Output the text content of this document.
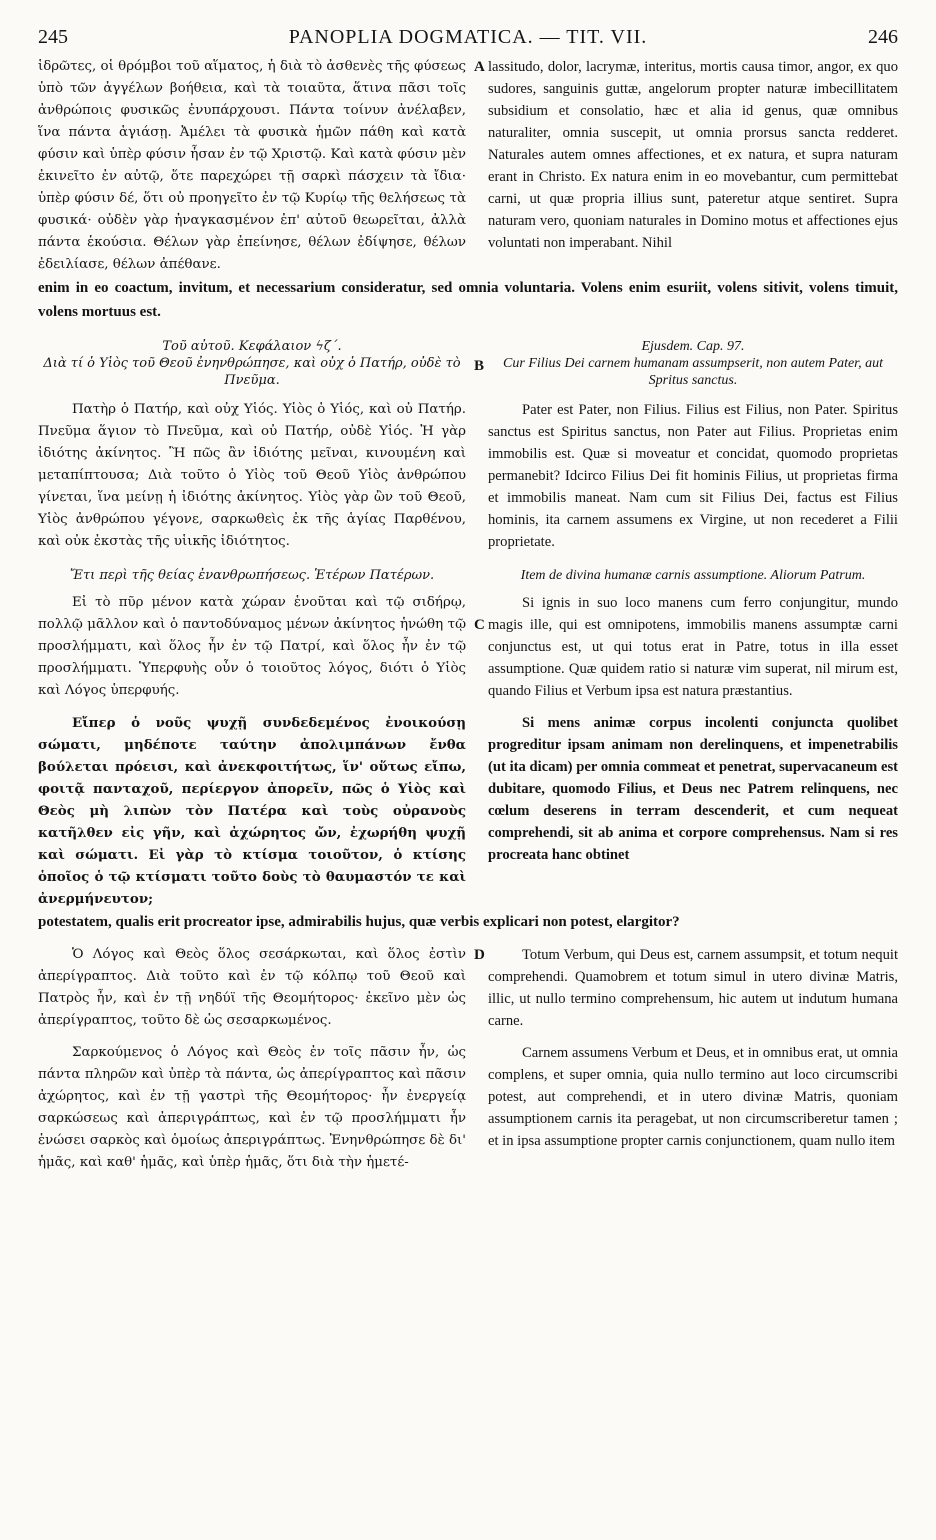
245	PANOPLIA DOGMATICA. — TIT. VII.	246

ἱδρῶτες, οἱ θρόμβοι τοῦ αἵματος, ἡ διὰ τὸ ἀσθενὲς τῆς φύσεως ὑπὸ τῶν ἀγγέλων βοήθεια, καὶ τὰ τοιαῦτα, ἅτινα πᾶσι τοῖς ἀνθρώποις φυσικῶς ἐνυπάρχουσι. Πάντα τοίνυν ἀνέλαβεν, ἵνα πάντα ἁγιάσῃ. Ἀμέλει τὰ φυσικὰ ἡμῶν πάθη καὶ κατὰ φύσιν καὶ ὑπὲρ φύσιν ἦσαν ἐν τῷ Χριστῷ. Καὶ κατὰ φύσιν μὲν ἐκινεῖτο ἐν αὐτῷ, ὅτε παρεχώρει τῇ σαρκὶ πάσχειν τὰ ἴδια· ὑπὲρ φύσιν δέ, ὅτι οὐ προηγεῖτο ἐν τῷ Κυρίῳ τῆς θελήσεως τὰ φυσικά· οὐδὲν γὰρ ἠναγκασμένον ἐπ' αὐτοῦ θεωρεῖται, ἀλλὰ πάντα ἑκούσια. Θέλων γὰρ ἐπείνησε, θέλων ἐδίψησε, θέλων ἐδειλίασε, θέλων ἀπέθανε.

A lassitudo, dolor, lacrymæ, interitus, mortis causa timor, angor, ex quo sudores, sanguinis guttæ, angelorum propter naturæ imbecillitatem subsidium et consolatio, hæc et alia id genus, quæ omnibus naturaliter, omnia suscepit, ut omnia prorsus sancta redderet. Naturales autem omnes affectiones, et ex natura, et supra naturam erant in Christo. Ex natura enim in eo movebantur, cum permittebat carni, ut quæ propria illius sunt, pateretur atque sentiret. Supra naturam vero, quoniam naturales in Domino motus et affectiones ejus voluntati non imperabant. Nihil

enim in eo coactum, invitum, et necessarium consideratur, sed omnia voluntaria. Volens enim esuriit, volens sitivit, volens timuit, volens mortuus est.

Τοῦ αὐτοῦ. Κεφάλαιον ϟζ΄.
Διὰ τί ὁ Υἱὸς τοῦ Θεοῦ ἐνηνθρώπησε, καὶ οὐχ ὁ Πατήρ, οὐδὲ τὸ Πνεῦμα.
B
Ejusdem. Cap. 97.
Cur Filius Dei carnem humanam assumpserit, non autem Pater, aut Spritus sanctus.

Πατὴρ ὁ Πατήρ, καὶ οὐχ Υἱός. Υἱὸς ὁ Υἱός, καὶ οὐ Πατήρ. Πνεῦμα ἅγιον τὸ Πνεῦμα, καὶ οὐ Πατήρ, οὐδὲ Υἱός. Ἡ γὰρ ἰδιότης ἀκίνητος. Ἢ πῶς ἂν ἰδιότης μεῖναι, κινουμένη καὶ μεταπίπτουσα; Διὰ τοῦτο ὁ Υἱὸς τοῦ Θεοῦ Υἱὸς ἀνθρώπου γίνεται, ἵνα μείνῃ ἡ ἰδιότης ἀκίνητος. Υἱὸς γὰρ ὢν τοῦ Θεοῦ, Υἱὸς ἀνθρώπου γέγονε, σαρκωθεὶς ἐκ τῆς ἁγίας Παρθένου, καὶ οὐκ ἐκστὰς τῆς υἱικῆς ἰδιότητος.

Pater est Pater, non Filius. Filius est Filius, non Pater. Spiritus sanctus est Spiritus sanctus, non Pater aut Filius. Proprietas enim immobilis est. Quæ si moveatur et concidat, quomodo proprietas permanebit? Idcirco Filius Dei fit hominis Filius, ut proprietas firma et immobilis maneat. Nam cum sit Filius Dei, factus est Filius hominis, ita carnem assumens ex Virgine, ut non recederet a Filii proprietate.

Ἔτι περὶ τῆς θείας ἐνανθρωπήσεως. Ἑτέρων Πατέρων.	Item de divina humanæ carnis assumptione. Aliorum Patrum.

Εἰ τὸ πῦρ μένον κατὰ χώραν ἑνοῦται καὶ τῷ σιδήρῳ, πολλῷ μᾶλλον καὶ ὁ παντοδύναμος μένων ἀκίνητος ἡνώθη τῷ προσλήμματι, καὶ ὅλος ἦν ἐν τῷ Πατρί, καὶ ὅλος ἦν ἐν τῷ προσλήμματι. Ὑπερφυὴς οὖν ὁ τοιοῦτος λόγος, διότι ὁ Υἱὸς καὶ Λόγος ὑπερφυής.

C

Si ignis in suo loco manens cum ferro conjungitur, mundo magis ille, qui est omnipotens, immobilis manens assumptæ carni conjunctus est, ut qui totus erat in Patre, totus in illa esset assumptione. Quæ quidem ratio si naturæ vim superat, nil mirum est, quando Filius et Verbum ipsa est natura præstantius.

Εἴπερ ὁ νοῦς ψυχῇ συνδεδεμένος ἐνοικούσῃ σώματι, μηδέποτε ταύτην ἀπολιμπάνων ἔνθα βούλεται πρόεισι, καὶ ἀνεκφοιτήτως, ἵν' οὕτως εἴπω, φοιτᾷ πανταχοῦ, περίεργον ἀπορεῖν, πῶς ὁ Υἱὸς καὶ Θεὸς μὴ λιπὼν τὸν Πατέρα καὶ τοὺς οὐρανοὺς κατῆλθεν εἰς γῆν, καὶ ἀχώρητος ὤν, ἐχωρήθη ψυχῇ καὶ σώματι. Εἰ γὰρ τὸ κτίσμα τοιοῦτον, ὁ κτίσης ὁποῖος ὁ τῷ κτίσματι τοῦτο δοὺς τὸ θαυμαστόν τε καὶ ἀνερμήνευτον;

Si mens animæ corpus incolenti conjuncta quolibet progreditur ipsam animam non derelinquens, et impenetrabilis (ut ita dicam) per omnia commeat et penetrat, supervacaneum est dubitare, quomodo Filius, et Deus nec Patrem relinquens, nec cœlum deserens in terram descenderit, et cum nequeat comprehendi, sit ab anima et corpore comprehensus. Nam si res procreata hanc obtinet

potestatem, qualis erit procreator ipse, admirabilis hujus, quæ verbis explicari non potest, elargitor?

Ὁ Λόγος καὶ Θεὸς ὅλος σεσάρκωται, καὶ ὅλος ἐστὶν ἀπερίγραπτος. Διὰ τοῦτο καὶ ἐν τῷ κόλπῳ τοῦ Θεοῦ καὶ Πατρὸς ἦν, καὶ ἐν τῇ νηδύϊ τῆς Θεομήτορος· ἐκεῖνο μὲν ὡς ἀπερίγραπτος, τοῦτο δὲ ὡς σεσαρκωμένος.

D	Totum Verbum, qui Deus est, carnem assumpsit, et totum nequit comprehendi. Quamobrem et totum simul in utero divinæ Matris, illic, ut nullo termino comprehensum, hic autem ut indutum humana carne.

Σαρκούμενος ὁ Λόγος καὶ Θεὸς ἐν τοῖς πᾶσιν ἦν, ὡς πάντα πληρῶν καὶ ὑπὲρ τὰ πάντα, ὡς ἀπερίγραπτος καὶ πᾶσιν ἀχώρητος, καὶ ἐν τῇ γαστρὶ τῆς Θεομήτορος· ἦν ἐνεργείᾳ σαρκώσεως καὶ ἀπεριγράπτως, καὶ ἐν τῷ προσλήμματι ἦν ἑνώσει σαρκὸς καὶ ὁμοίως ἀπεριγράπτως. Ἐνηνθρώπησε δὲ δι' ἡμᾶς, καὶ καθ' ἡμᾶς, καὶ ὑπὲρ ἡμᾶς, ὅτι διὰ τὴν ἡμετέ-

Carnem assumens Verbum et Deus, et in omnibus erat, ut omnia complens, et super omnia, quia nullo termino aut loco circumscribi potest, aut comprehendi, et in utero divinæ Matris, quoniam assumptionem carnis ita peragebat, ut non circumscriberetur tamen ; et in ipsa assumptione propter carnis conjunctionem, quam nullo item
